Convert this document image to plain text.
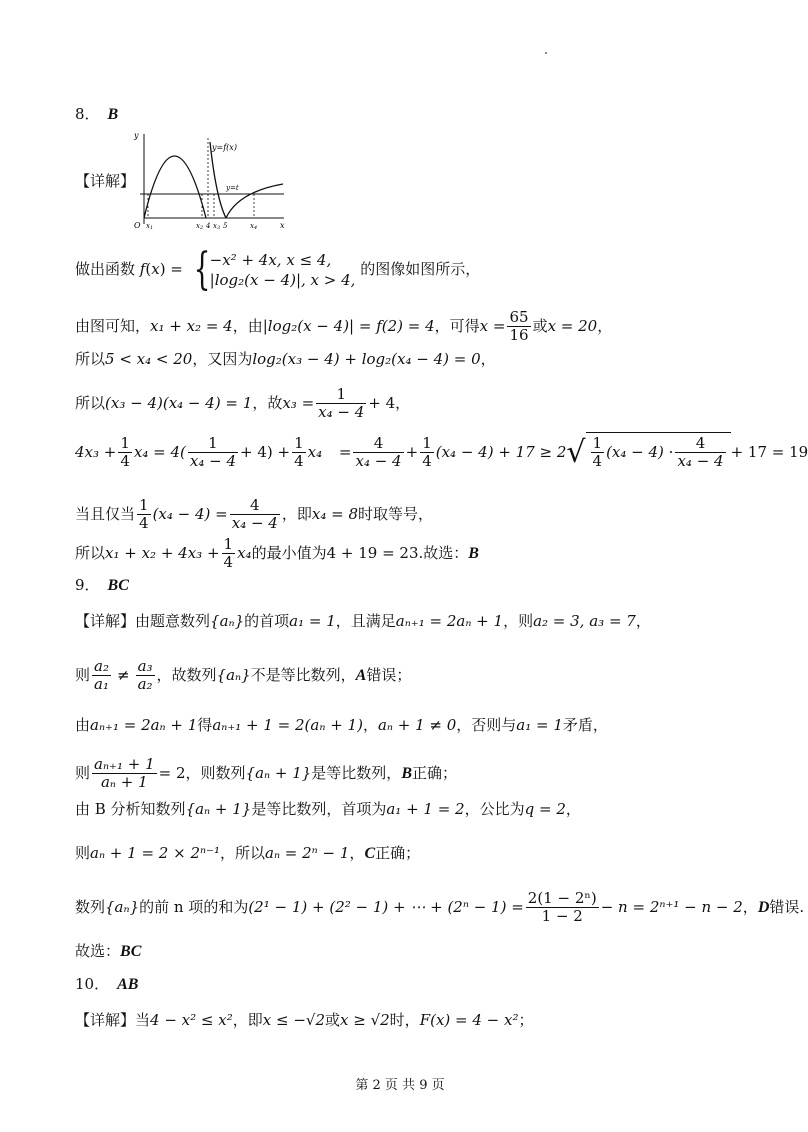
8． B
【详解】
y
x
y=f(x)
y=t
O x1	x2 4 x3 5	x4
做出函数 f(x) = { −x² + 4x, x ≤ 4,
|log₂(x − 4)|, x > 4,
的图像如图所示，
由图可知，x₁ + x₂ = 4，由|log₂(x − 4)| = f(2) = 4，可得$x = \frac{65}{16}$ 或x = 20，
所以5 < x₄ < 20，又因为log₂(x₃ − 4) + log₂(x₄ − 4) = 0，
所以(x₃ − 4)(x₄ − 4) = 1，故$x_3 = \frac{1}{\text{x₄ − 4}} + 4$，
$4x_3 + \frac{1}{4} x_4 = 4( \frac{1}{\text{x₄ − 4}} + 4) + \frac{1}{4} x_4 = \frac{4}{\text{x₄ − 4}} + \frac{1}{4} (x_4 - 4) + 17 \ge 2√ \frac{1}{4} (x_4 - 4) \cdot \frac{4}{\text{x₄ − 4}} + 17 = 19$
当且仅当 $\frac{1}{4} (x_4 - 4) = \frac{4}{\text{x₄ − 4}}$ ，即x₄ = 8时取等号，
所以$x_1 + x_2 + 4x_3 + \frac{1}{4} x_4$的最小值为4 + 19 = 23.故选：B
9． BC
【详解】由题意数列{aₙ}的首项a₁ = 1，且满足aₙ₊₁ = 2aₙ + 1，则a₂ = 3, a₃ = 7，
则 $\frac{\text{a₂}}{\text{a₁}} \ne \frac{\text{a₃}}{\text{a₂}}$ ，故数列{aₙ}不是等比数列，A错误；
由aₙ₊₁ = 2aₙ + 1得aₙ₊₁ + 1 = 2(aₙ + 1)，aₙ + 1 ≠ 0，否则与a₁ = 1矛盾，
则 $\frac{\text{aₙ₊₁ + 1}}{\text{aₙ + 1}} = 2$，则数列{aₙ + 1}是等比数列，B正确；
由 B 分析知数列{aₙ + 1}是等比数列，首项为a₁ + 1 = 2，公比为q = 2，
则aₙ + 1 = 2 × 2ⁿ⁻¹，所以aₙ = 2ⁿ − 1，C正确；
数列{aₙ}的前 n 项的和为(2¹ − 1) + (2² − 1) + ⋯ + $(2^n - 1) = \frac{\text{2(1 − 2ⁿ)}}{1 - 2} - n = 2^{n+1} - n - 2$，D错误.
故选：BC
10． AB
【详解】当4 − x² ≤ x²，即x ≤ −√2或x ≥ √2时，F(x) = 4 − x²；
第 2 页 共 9 页
